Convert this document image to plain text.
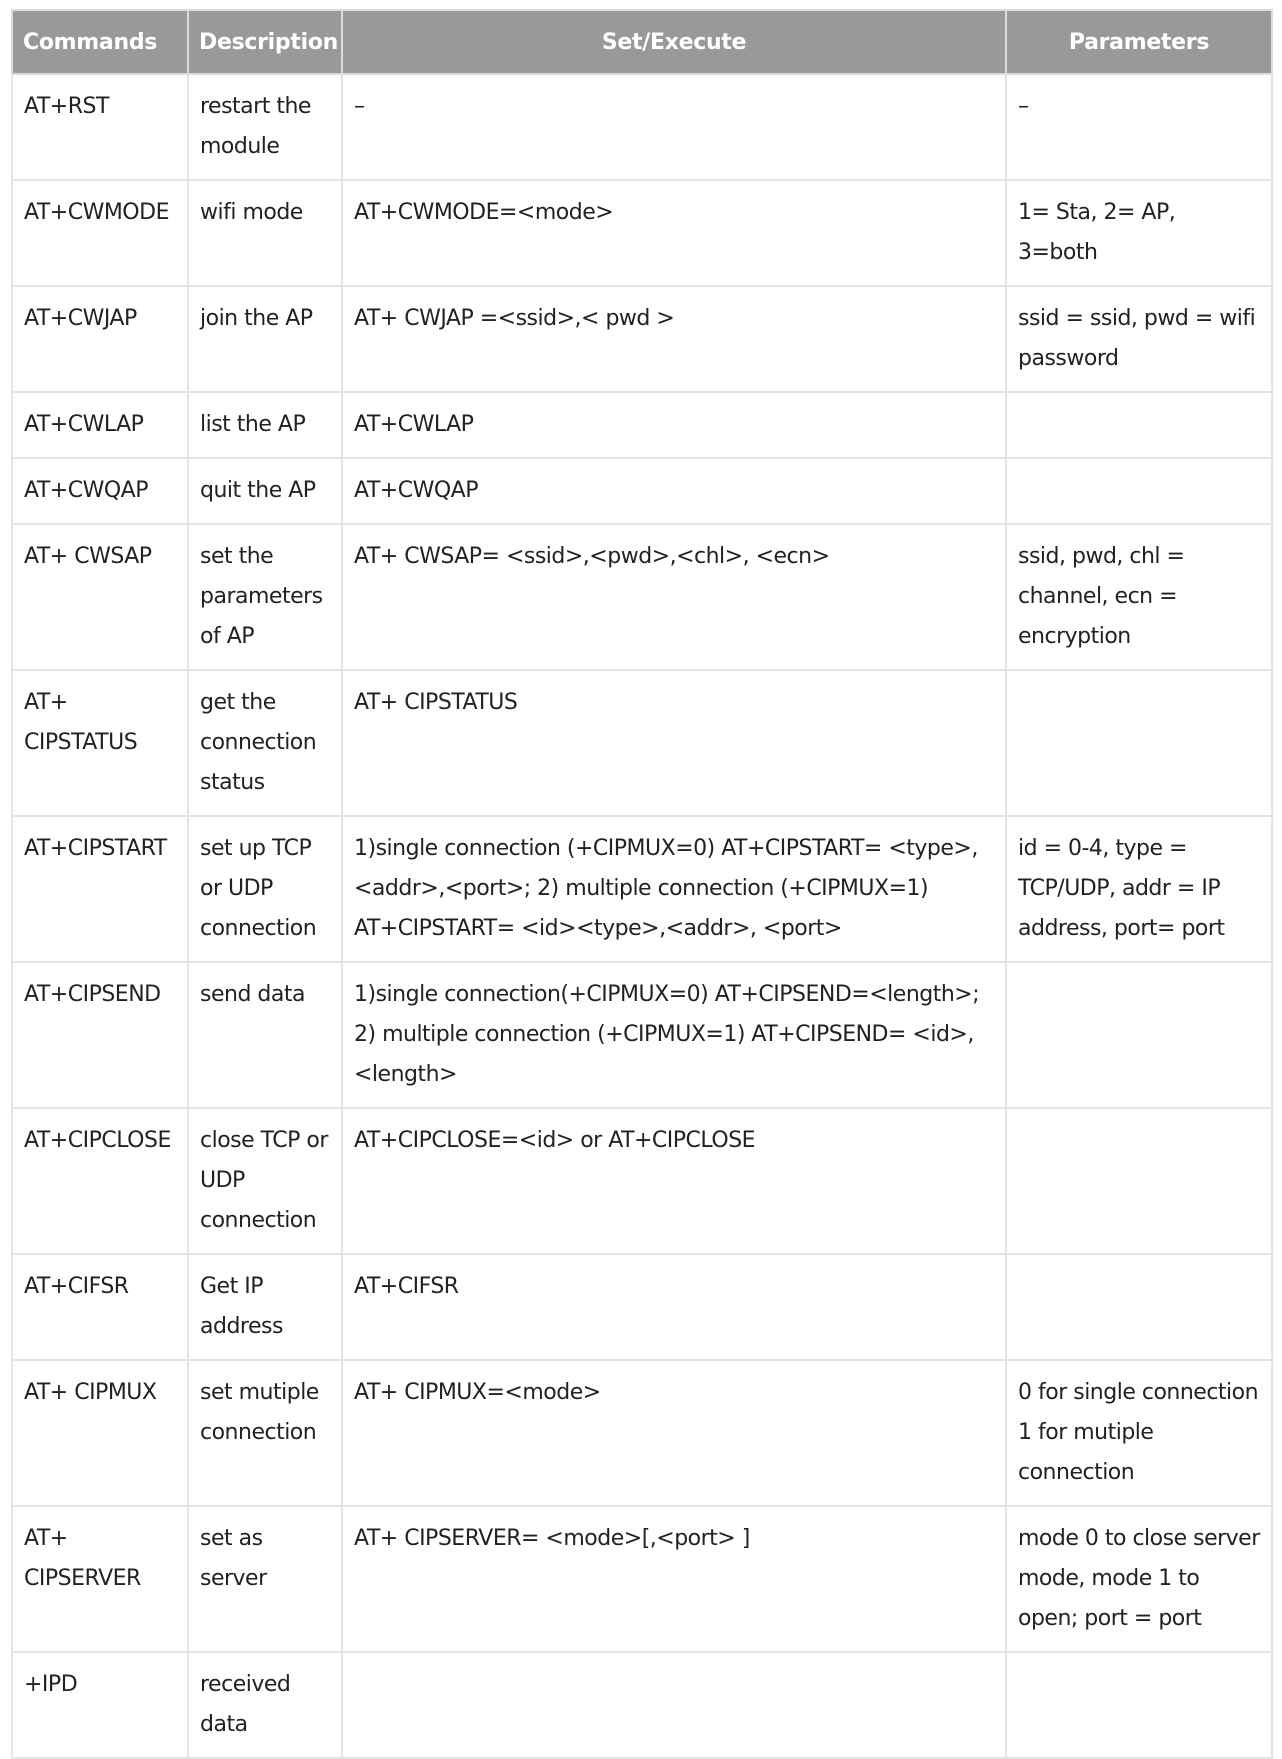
Commands	Description	Set/Execute	Parameters
AT+RST	restart the module	–	–
AT+CWMODE	wifi mode	AT+CWMODE=<mode>	1= Sta, 2= AP, 3=both
AT+CWJAP	join the AP	AT+ CWJAP =<ssid>,< pwd >	ssid = ssid, pwd = wifi password
AT+CWLAP	list the AP	AT+CWLAP	
AT+CWQAP	quit the AP	AT+CWQAP	
AT+ CWSAP	set the parameters of AP	AT+ CWSAP= <ssid>,<pwd>,<chl>, <ecn>	ssid, pwd, chl = channel, ecn = encryption
AT+ CIPSTATUS	get the connection status	AT+ CIPSTATUS	
AT+CIPSTART	set up TCP or UDP connection	1)single connection (+CIPMUX=0) AT+CIPSTART= <type>,<addr>,<port>; 2) multiple connection (+CIPMUX=1) AT+CIPSTART= <id><type>,<addr>, <port>	id = 0-4, type = TCP/UDP, addr = IP address, port= port
AT+CIPSEND	send data	1)single connection(+CIPMUX=0) AT+CIPSEND=<length>; 2) multiple connection (+CIPMUX=1) AT+CIPSEND= <id>,<length>	
AT+CIPCLOSE	close TCP or UDP connection	AT+CIPCLOSE=<id> or AT+CIPCLOSE	
AT+CIFSR	Get IP address	AT+CIFSR	
AT+ CIPMUX	set mutiple connection	AT+ CIPMUX=<mode>	0 for single connection 1 for mutiple connection
AT+ CIPSERVER	set as server	AT+ CIPSERVER= <mode>[,<port> ]	mode 0 to close server mode, mode 1 to open; port = port
+IPD	received data		
